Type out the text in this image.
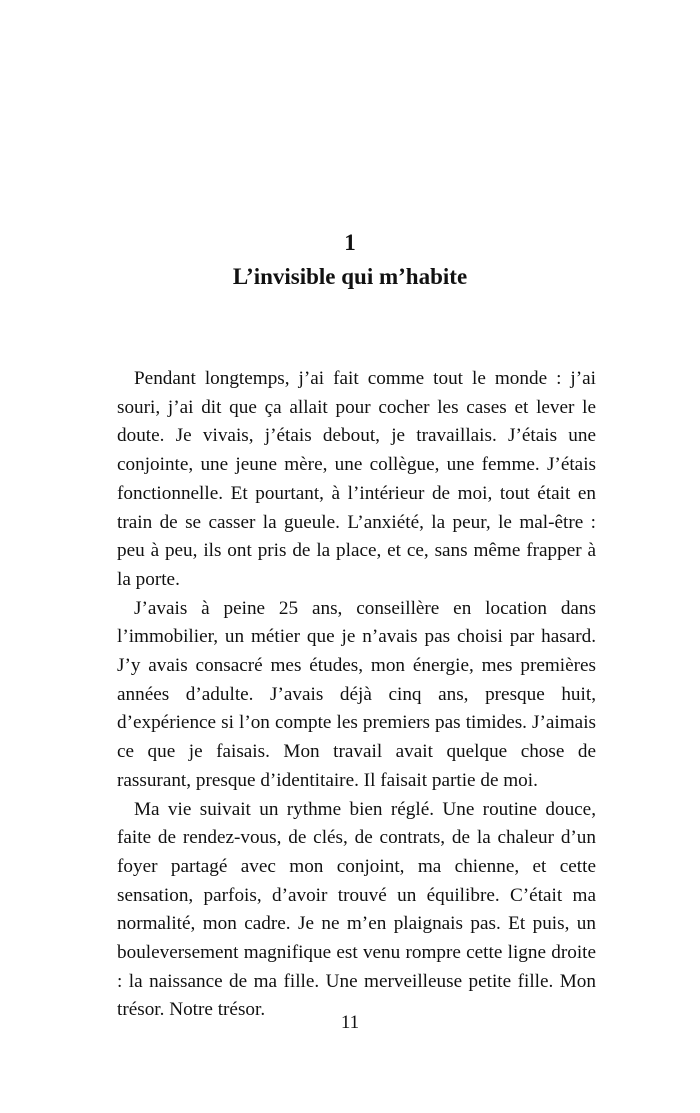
1
L’invisible qui m’habite

Pendant longtemps, j’ai fait comme tout le monde : j’ai souri, j’ai dit que ça allait pour cocher les cases et lever le doute. Je vivais, j’étais debout, je travaillais. J’étais une conjointe, une jeune mère, une collègue, une femme. J’étais fonctionnelle. Et pourtant, à l’intérieur de moi, tout était en train de se casser la gueule. L’anxiété, la peur, le mal-être : peu à peu, ils ont pris de la place, et ce, sans même frapper à la porte.

J’avais à peine 25 ans, conseillère en location dans l’immobilier, un métier que je n’avais pas choisi par hasard. J’y avais consacré mes études, mon énergie, mes premières années d’adulte. J’avais déjà cinq ans, presque huit, d’expérience si l’on compte les premiers pas timides. J’aimais ce que je faisais. Mon travail avait quelque chose de rassurant, presque d’identitaire. Il faisait partie de moi.

Ma vie suivait un rythme bien réglé. Une routine douce, faite de rendez-vous, de clés, de contrats, de la chaleur d’un foyer partagé avec mon conjoint, ma chienne, et cette sensation, parfois, d’avoir trouvé un équilibre. C’était ma normalité, mon cadre. Je ne m’en plaignais pas. Et puis, un bouleversement magnifique est venu rompre cette ligne droite : la naissance de ma fille. Une merveilleuse petite fille. Mon trésor. Notre trésor.

11
